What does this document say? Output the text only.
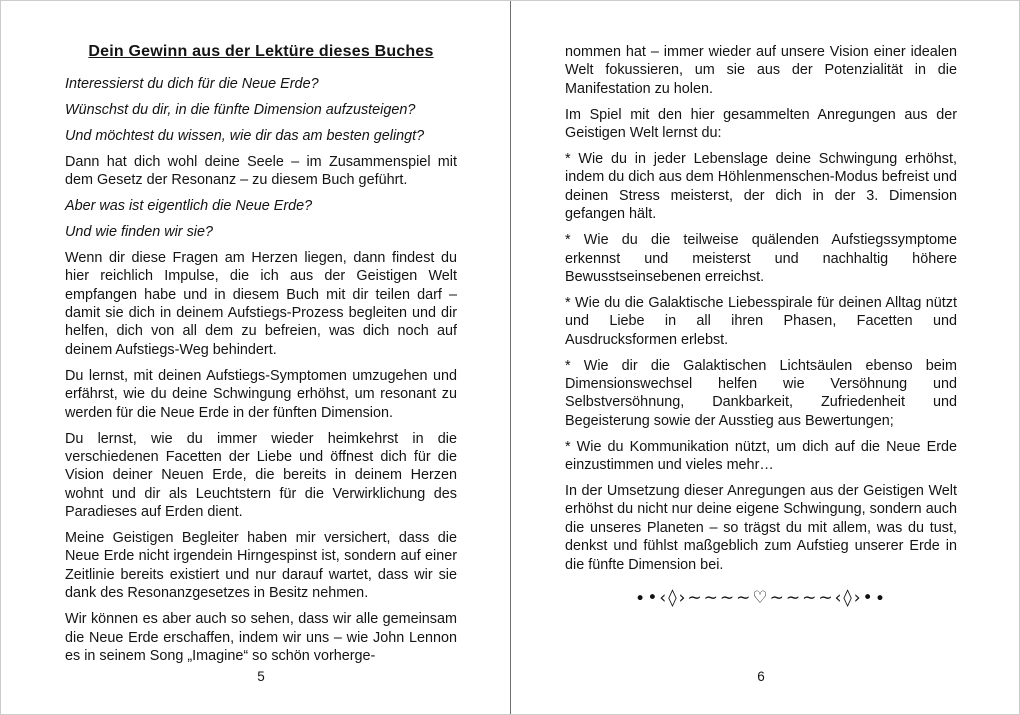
Dein Gewinn aus der Lektüre dieses Buches

Interessierst du dich für die Neue Erde?

Wünschst du dir, in die fünfte Dimension aufzusteigen?

Und möchtest du wissen, wie dir das am besten gelingt?

Dann hat dich wohl deine Seele – im Zusammenspiel mit dem Gesetz der Resonanz – zu diesem Buch geführt.

Aber was ist eigentlich die Neue Erde?

Und wie finden wir sie?

Wenn dir diese Fragen am Herzen liegen, dann findest du hier reichlich Impulse, die ich aus der Geistigen Welt empfangen habe und in diesem Buch mit dir teilen darf – damit sie dich in deinem Aufstiegs-Prozess begleiten und dir helfen, dich von all dem zu befreien, was dich noch auf deinem Aufstiegs-Weg behindert.

Du lernst, mit deinen Aufstiegs-Symptomen umzugehen und erfährst, wie du deine Schwingung erhöhst, um resonant zu werden für die Neue Erde in der fünften Dimension.

Du lernst, wie du immer wieder heimkehrst in die verschiedenen Facetten der Liebe und öffnest dich für die Vision deiner Neuen Erde, die bereits in deinem Herzen wohnt und dir als Leuchtstern für die Verwirklichung des Paradieses auf Erden dient.

Meine Geistigen Begleiter haben mir versichert, dass die Neue Erde nicht irgendein Hirngespinst ist, sondern auf einer Zeitlinie bereits existiert und nur darauf wartet, dass wir sie dank des Resonanzgesetzes in Besitz nehmen.

Wir können es aber auch so sehen, dass wir alle gemeinsam die Neue Erde erschaffen, indem wir uns – wie John Lennon es in seinem Song „Imagine“ so schön vorherge-

5

nommen hat – immer wieder auf unsere Vision einer idealen Welt fokussieren, um sie aus der Potenzialität in die Manifestation zu holen.

Im Spiel mit den hier gesammelten Anregungen aus der Geistigen Welt lernst du:

* Wie du in jeder Lebenslage deine Schwingung erhöhst, indem du dich aus dem Höhlenmenschen-Modus befreist und deinen Stress meisterst, der dich in der 3. Dimension gefangen hält.

* Wie du die teilweise quälenden Aufstiegssymptome erkennst und meisterst und nachhaltig höhere Bewusstseinsebenen erreichst.

* Wie du die Galaktische Liebesspirale für deinen Alltag nützt und Liebe in all ihren Phasen, Facetten und Ausdrucksformen erlebst.

* Wie dir die Galaktischen Lichtsäulen ebenso beim Dimensionswechsel helfen wie Versöhnung und Selbstversöhnung, Dankbarkeit, Zufriedenheit und Begeisterung sowie der Ausstieg aus Bewertungen;

* Wie du Kommunikation nützt, um dich auf die Neue Erde einzustimmen und vieles mehr…

In der Umsetzung dieser Anregungen aus der Geistigen Welt erhöhst du nicht nur deine eigene Schwingung, sondern auch die unseres Planeten – so trägst du mit allem, was du tust, denkst und fühlst maßgeblich zum Aufstieg unserer Erde in die fünfte Dimension bei.

∙•‹◊›∼∼∼∼♡∼∼∼∼‹◊›•∙

6
